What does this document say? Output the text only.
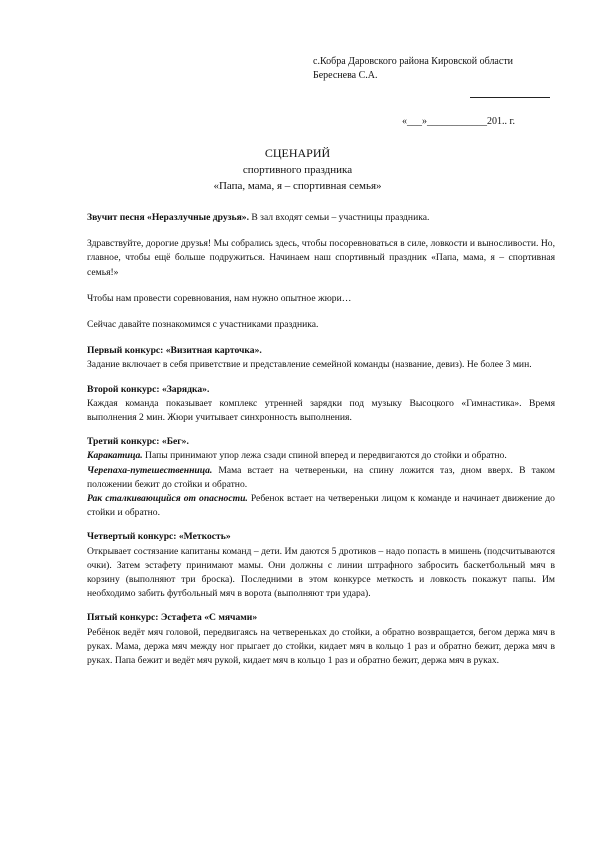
с.Кобра Даровского района Кировской области
Береснева С.А.
«___»____________201.. г.
СЦЕНАРИЙ
спортивного праздника
«Папа, мама, я – спортивная семья»

Звучит песня «Неразлучные друзья». В зал входят семьи – участницы праздника.

Здравствуйте, дорогие друзья! Мы собрались здесь, чтобы посоревноваться в силе, ловкости и выносливости. Но, главное, чтобы ещё больше подружиться. Начинаем наш спортивный праздник «Папа, мама, я – спортивная семья!»

Чтобы нам провести соревнования, нам нужно опытное жюри…

Сейчас давайте познакомимся с участниками праздника.

Первый конкурс: «Визитная карточка».

Задание включает в себя приветствие и представление семейной команды (название, девиз). Не более 3 мин.

Второй конкурс: «Зарядка».

Каждая команда показывает комплекс утренней зарядки под музыку Высоцкого «Гимнастика». Время выполнения 2 мин. Жюри учитывает синхронность выполнения.

Третий конкурс: «Бег».

Каракатица. Папы принимают упор лежа сзади спиной вперед и передвигаются до стойки и обратно.

Черепаха-путешественница. Мама встает на четвереньки, на спину ложится таз, дном вверх. В таком положении бежит до стойки и обратно.

Рак сталкивающийся от опасности. Ребенок встает на четвереньки лицом к команде и начинает движение до стойки и обратно.

Четвертый конкурс: «Меткость»

Открывает состязание капитаны команд – дети. Им даются 5 дротиков – надо попасть в мишень (подсчитываются очки). Затем эстафету принимают мамы. Они должны с линии штрафного забросить баскетбольный мяч в корзину (выполняют три броска). Последними в этом конкурсе меткость и ловкость покажут папы. Им необходимо забить футбольный мяч в ворота (выполняют три удара).

Пятый конкурс: Эстафета «С мячами»

Ребёнок ведёт мяч головой, передвигаясь на четвереньках до стойки, а обратно возвращается, бегом держа мяч в руках. Мама, держа мяч между ног прыгает до стойки, кидает мяч в кольцо 1 раз и обратно бежит, держа мяч в руках. Папа бежит и ведёт мяч рукой, кидает мяч в кольцо 1 раз и обратно бежит, держа мяч в руках.
